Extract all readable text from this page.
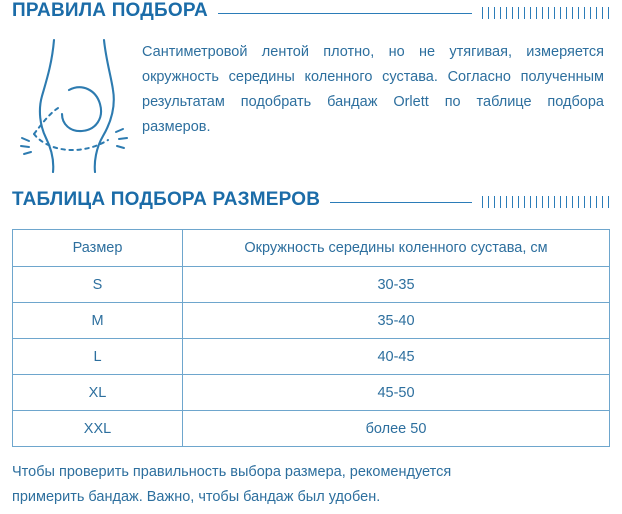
ПРАВИЛА ПОДБОРА
Сантиметровой лентой плотно, но не утягивая, измеряется окружность середины коленного сустава. Согласно полученным результатам подобрать бандаж Orlett по таблице подбора размеров.
ТАБЛИЦА ПОДБОРА РАЗМЕРОВ
Размер	Окружность середины коленного сустава, см
S	30-35
M	35-40
L	40-45
XL	45-50
XXL	более 50
Чтобы проверить правильность выбора размера, рекомендуется
примерить бандаж. Важно, чтобы бандаж был удобен.
